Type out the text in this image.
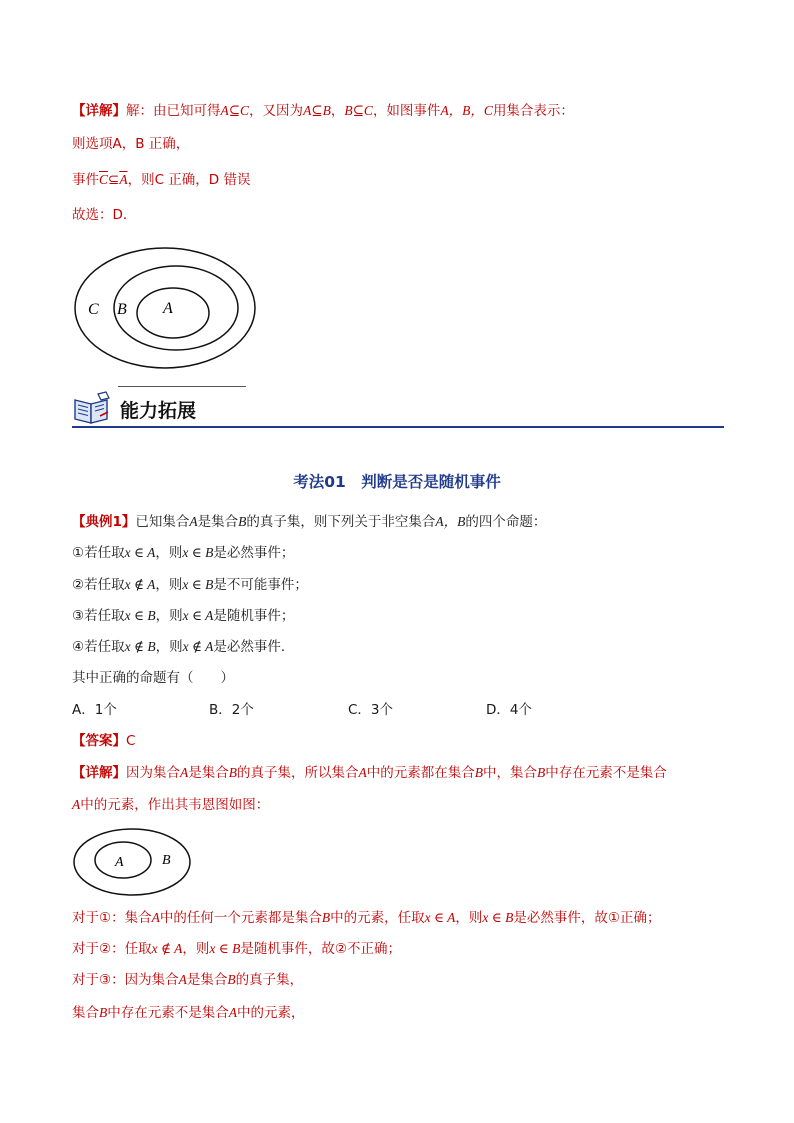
【详解】解：由已知可得A⊆C，又因为A⊆B，B⊆C，如图事件A，B，C用集合表示：
则选项A，B 正确，
事件$\overline{C}⊆\overline{A}$，则C 正确，D 错误
故选：D．
C B A
能力拓展
考法01　判断是否是随机事件
【典例1】已知集合A是集合B的真子集，则下列关于非空集合A，B的四个命题：
①若任取x ∈ A，则x ∈ B是必然事件；
②若任取x ∉ A，则x ∈ B是不可能事件；
③若任取x ∈ B，则x ∈ A是随机事件；
④若任取x ∉ B，则x ∉ A是必然事件．
其中正确的命题有（　　）
A．1个	B．2个	C．3个	D．4个
【答案】C
【详解】因为集合A是集合B的真子集，所以集合A中的元素都在集合B中，集合B中存在元素不是集合
A中的元素，作出其韦恩图如图：
A	B
对于①：集合A中的任何一个元素都是集合B中的元素，任取x ∈ A，则x ∈ B是必然事件，故①正确；
对于②：任取x ∉ A，则x ∈ B是随机事件，故②不正确；
对于③：因为集合A是集合B的真子集，
集合B中存在元素不是集合A中的元素，
